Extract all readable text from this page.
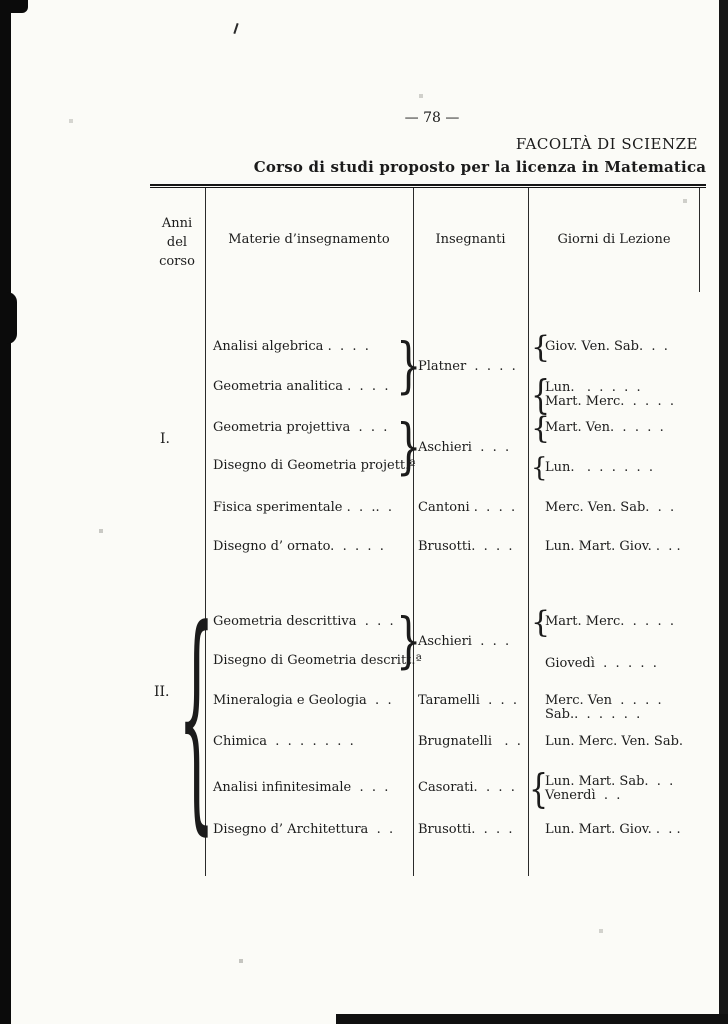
— 78 —
FACOLTÀ DI SCIENZE
Corso di studi proposto per la licenza in Matematica
Anni
del
corso
Materie d’insegnamento	Insegnanti	Giorni di Lezione
I.
II. {
Analisi algebrica .  .  .  .
Geometria analitica .  .  .  .
Geometria projettiva  .  .  .
Disegno di Geometria projett.ª
Fisica sperimentale .  .  ..  .
Disegno d’ ornato.  .  .  .  .
}
}
Platner  .  .  .  .
Aschieri  .  .  .
Cantoni .  .  .  .
Brusotti.  .  .  .
{
Giov. Ven. Sab.  .  .
{
Lun.   .  .  .  .  .
Mart. Merc.  .  .  .  .
{
Mart. Ven.  .  .  .  .
{
Lun.   .  .  .  .  .  .
Merc. Ven. Sab.  .  .
Lun. Mart. Giov. .  . .
Geometria descrittiva  .  .  .
Disegno di Geometria descritt.ª
Mineralogia e Geologia  .  .
Chimica  .  .  .  .  .  .  .
Analisi infinitesimale  .  .  .
Disegno d’ Architettura  .  .
}
Aschieri  .  .  .
Taramelli  .  .  .
Brugnatelli   .  .
Casorati.  .  .  .
Brusotti.  .  .  .
{
Mart. Merc.  .  .  .  .
Giovedì  .  .  .  .  .
Merc. Ven  .  .  .  .
Sab..  .  .  .  .  .
Lun. Merc. Ven. Sab.
{
Lun. Mart. Sab.  .  .
Venerdì  .  .
Lun. Mart. Giov. .  . .
